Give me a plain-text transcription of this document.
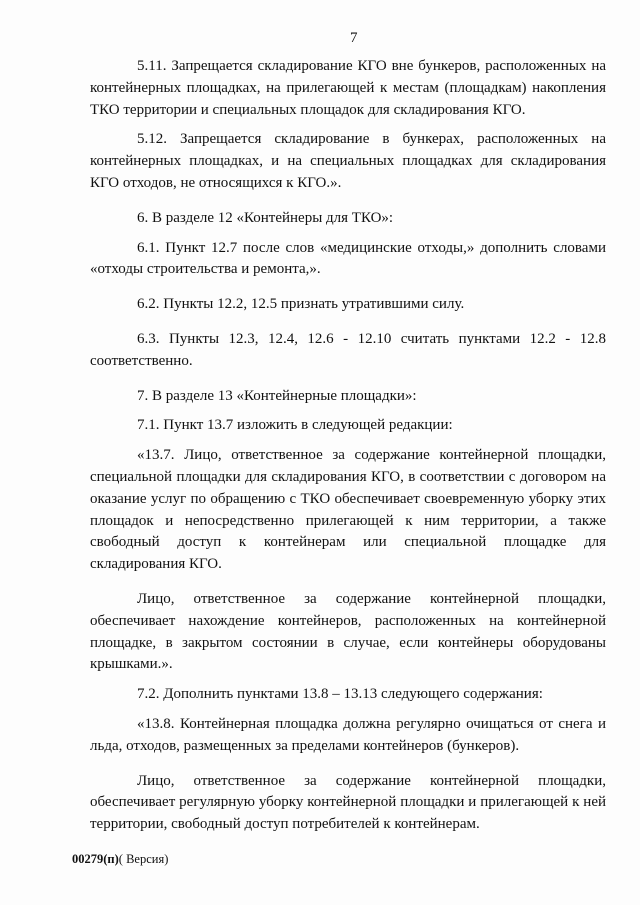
7

5.11. Запрещается складирование КГО вне бункеров, расположенных на контейнерных площадках, на прилегающей к местам (площадкам) накопления ТКО территории и специальных площадок для складирования КГО.

5.12. Запрещается складирование в бункерах, расположенных на контейнерных площадках, и на специальных площадках для складирования КГО отходов, не относящихся к КГО.».

6. В разделе 12 «Контейнеры для ТКО»:

6.1. Пункт 12.7 после слов «медицинские отходы,» дополнить словами «отходы строительства и ремонта,».

6.2. Пункты 12.2, 12.5 признать утратившими силу.

6.3. Пункты 12.3, 12.4, 12.6 - 12.10 считать пунктами 12.2 - 12.8 соответственно.

7. В разделе 13 «Контейнерные площадки»:

7.1. Пункт 13.7 изложить в следующей редакции:

«13.7. Лицо, ответственное за содержание контейнерной площадки, специальной площадки для складирования КГО, в соответствии с договором на оказание услуг по обращению с ТКО обеспечивает своевременную уборку этих площадок и непосредственно прилегающей к ним территории, а также свободный доступ к контейнерам или специальной площадке для складирования КГО.

Лицо, ответственное за содержание контейнерной площадки, обеспечивает нахождение контейнеров, расположенных на контейнерной площадке, в закрытом состоянии в случае, если контейнеры оборудованы крышками.».

7.2. Дополнить пунктами 13.8 – 13.13 следующего содержания:

«13.8. Контейнерная площадка должна регулярно очищаться от снега и льда, отходов, размещенных за пределами контейнеров (бункеров).

Лицо, ответственное за содержание контейнерной площадки, обеспечивает регулярную уборку контейнерной площадки и прилегающей к ней территории, свободный доступ потребителей к контейнерам.

00279(п)( Версия)
